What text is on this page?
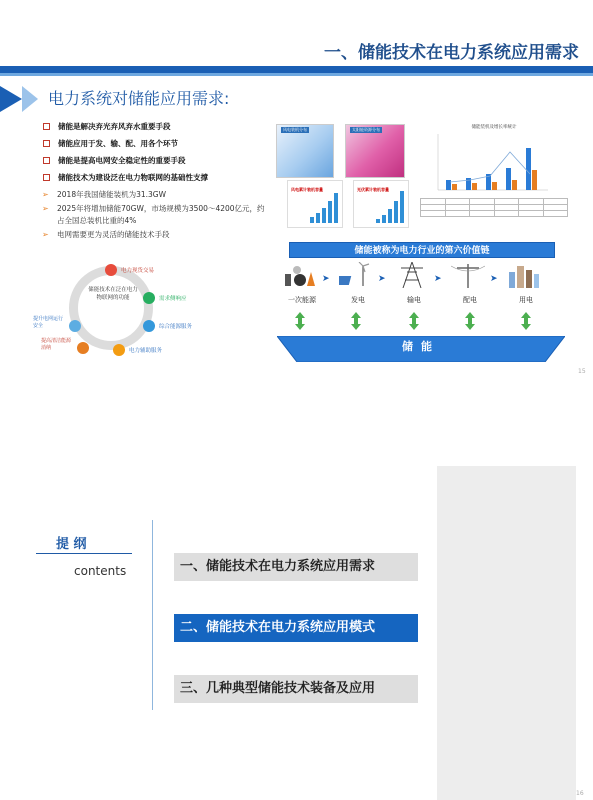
一、储能技术在电力系统应用需求
电力系统对储能应用需求:
储能是解决弃光弃风弃水重要手段
储能应用于发、输、配、用各个环节
储能是提高电网安全稳定性的重要手段
储能技术为建设泛在电力物联网的基础性支撑
➢	2018年我国储能装机为31.3GW
➢	2025年将增加储能70GW，市场规模为3500～4200亿元，约占全国总装机比重的4%
➢	电网需要更为灵活的储能技术手段
储能技术在泛在电力物联网的功能
电力现货交易
需求侧响应
综合能源服务
电力辅助服务
提升电网运行安全
提高清洁能源消纳
风电装机分布	太阳能资源分布
风电累计装机容量	光伏累计装机容量
储能装机及增长率统计

储能被称为电力行业的第六价值链
一次能源
➤
发电
➤
输电
➤
配电
➤
用电
储能
15
提 纲
contents	一、储能技术在电力系统应用需求
二、储能技术在电力系统应用模式
三、几种典型储能技术装备及应用
16
